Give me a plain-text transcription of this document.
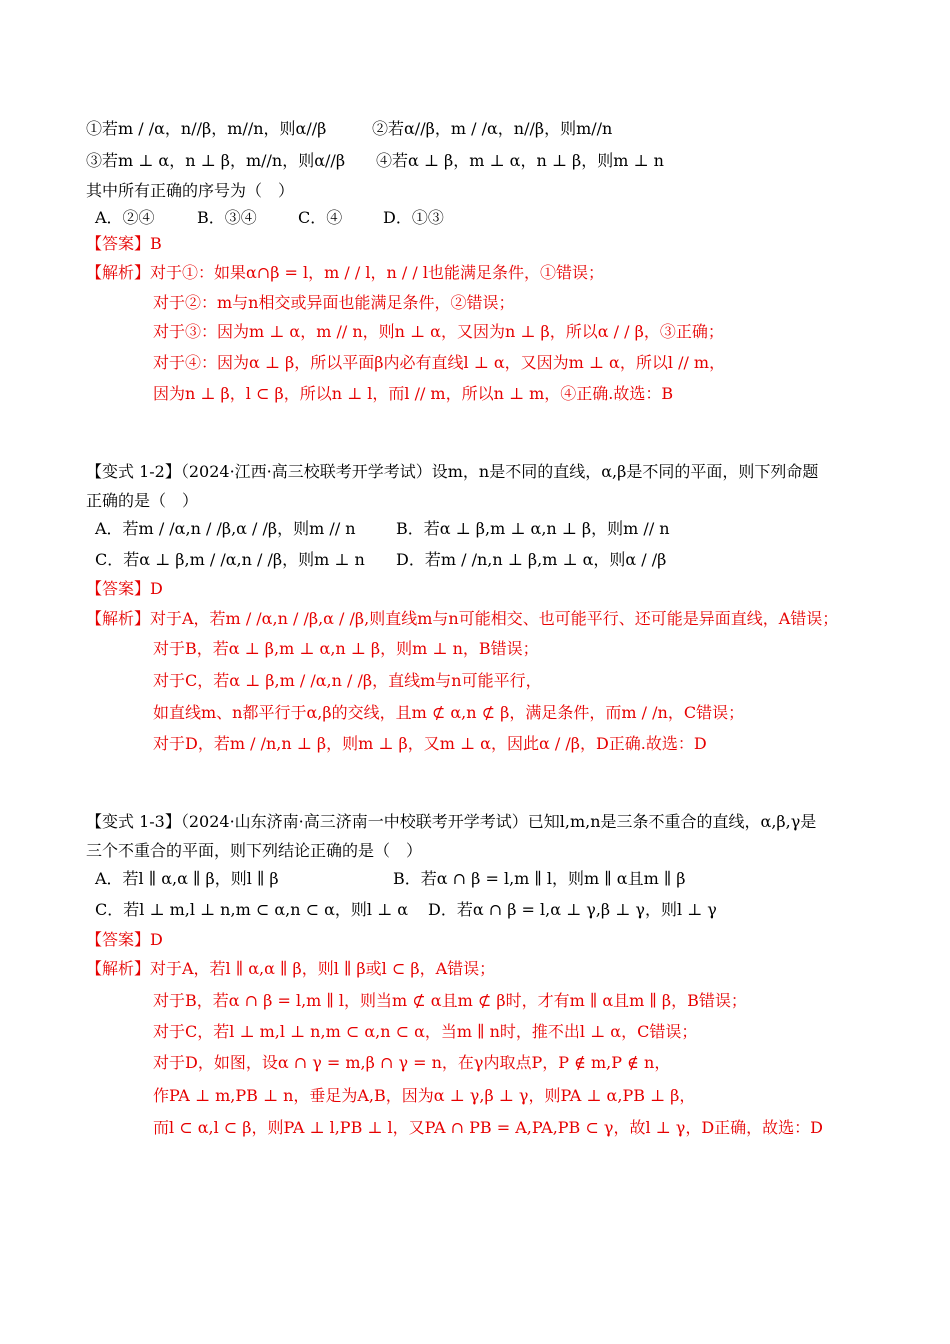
①若m / /α，n//β，m//n，则α//β	②若α//β，m / /α，n//β，则m//n
③若m ⊥ α，n ⊥ β，m//n，则α//β ④若α ⊥ β，m ⊥ α，n ⊥ β，则m ⊥ n
其中所有正确的序号为（　）
A．②④	B．③④	C．④	D．①③
【答案】B
【解析】对于①：如果α∩β = l，m / / l，n / / l也能满足条件，①错误；
对于②：m与n相交或异面也能满足条件，②错误；
对于③：因为m ⊥ α，m // n，则n ⊥ α，又因为n ⊥ β，所以α / / β，③正确；
对于④：因为α ⊥ β，所以平面β内必有直线l ⊥ α，又因为m ⊥ α，所以l // m，
因为n ⊥ β，l ⊂ β，所以n ⊥ l，而l // m，所以n ⊥ m，④正确.故选：B
【变式 1-2】（2024·江西·高三校联考开学考试）设m，n是不同的直线，α,β是不同的平面，则下列命题
正确的是（　）
A．若m / /α,n / /β,α / /β，则m // n	B．若α ⊥ β,m ⊥ α,n ⊥ β，则m // n
C．若α ⊥ β,m / /α,n / /β，则m ⊥ n D．若m / /n,n ⊥ β,m ⊥ α，则α / /β
【答案】D
【解析】对于A，若m / /α,n / /β,α / /β,则直线m与n可能相交、也可能平行、还可能是异面直线，A错误；
对于B，若α ⊥ β,m ⊥ α,n ⊥ β，则m ⊥ n，B错误；
对于C，若α ⊥ β,m / /α,n / /β，直线m与n可能平行，
如直线m、n都平行于α,β的交线，且m ⊄ α,n ⊄ β，满足条件，而m / /n，C错误；
对于D，若m / /n,n ⊥ β，则m ⊥ β，又m ⊥ α，因此α / /β，D正确.故选：D
【变式 1-3】（2024·山东济南·高三济南一中校联考开学考试）已知l,m,n是三条不重合的直线，α,β,γ是
三个不重合的平面，则下列结论正确的是（　）
A．若l ∥ α,α ∥ β，则l ∥ β	B．若α ∩ β = l,m ∥ l，则m ∥ α且m ∥ β
C．若l ⊥ m,l ⊥ n,m ⊂ α,n ⊂ α，则l ⊥ α D．若α ∩ β = l,α ⊥ γ,β ⊥ γ，则l ⊥ γ
【答案】D
【解析】对于A，若l ∥ α,α ∥ β，则l ∥ β或l ⊂ β，A错误；
对于B，若α ∩ β = l,m ∥ l，则当m ⊄ α且m ⊄ β时，才有m ∥ α且m ∥ β，B错误；
对于C，若l ⊥ m,l ⊥ n,m ⊂ α,n ⊂ α，当m ∥ n时，推不出l ⊥ α，C错误；
对于D，如图，设α ∩ γ = m,β ∩ γ = n，在γ内取点P，P ∉ m,P ∉ n，
作PA ⊥ m,PB ⊥ n，垂足为A,B，因为α ⊥ γ,β ⊥ γ，则PA ⊥ α,PB ⊥ β，
而l ⊂ α,l ⊂ β，则PA ⊥ l,PB ⊥ l，又PA ∩ PB = A,PA,PB ⊂ γ，故l ⊥ γ，D正确，故选：D
